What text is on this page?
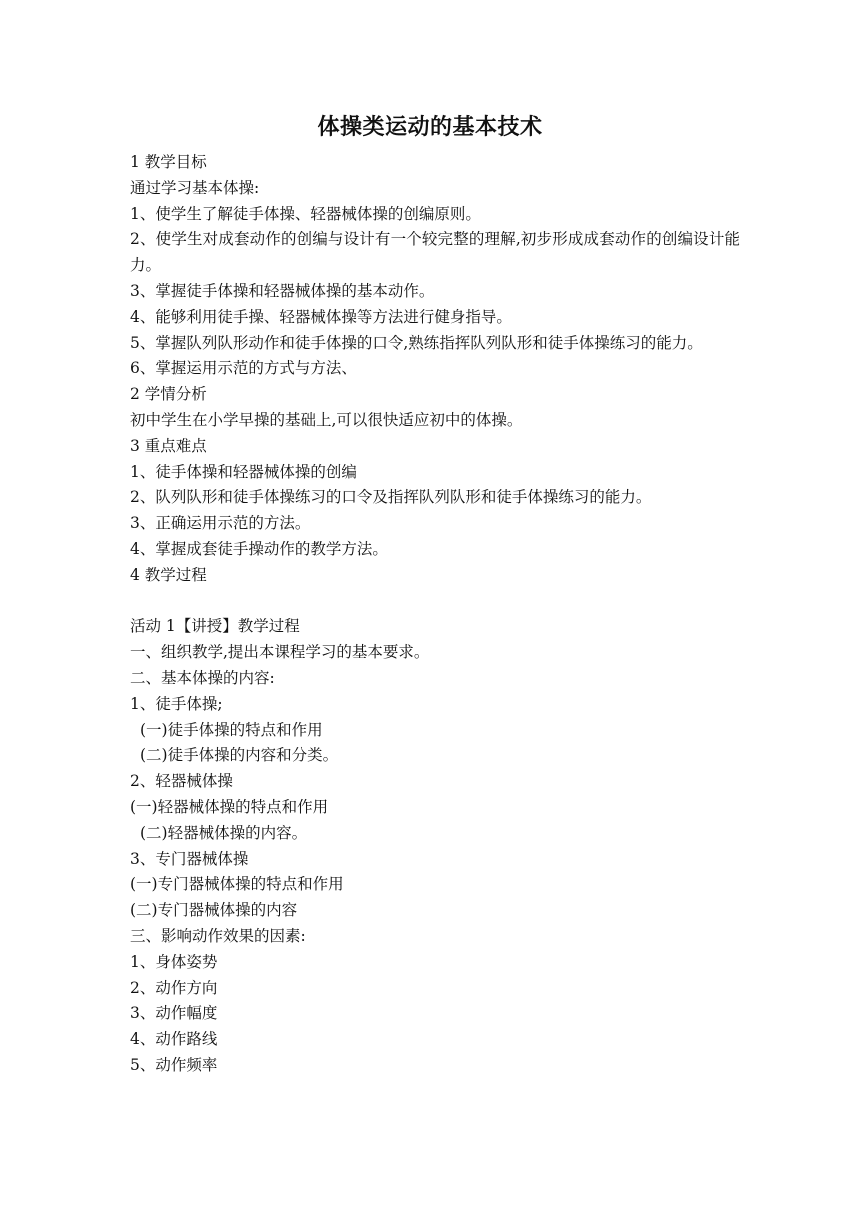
体操类运动的基本技术
1 教学目标
通过学习基本体操:
1、使学生了解徒手体操、轻器械体操的创编原则。
2、使学生对成套动作的创编与设计有一个较完整的理解,初步形成成套动作的创编设计能力。
3、掌握徒手体操和轻器械体操的基本动作。
4、能够利用徒手操、轻器械体操等方法进行健身指导。
5、掌握队列队形动作和徒手体操的口令,熟练指挥队列队形和徒手体操练习的能力。
6、掌握运用示范的方式与方法、
2 学情分析
初中学生在小学早操的基础上,可以很快适应初中的体操。
3 重点难点
1、徒手体操和轻器械体操的创编
2、队列队形和徒手体操练习的口令及指挥队列队形和徒手体操练习的能力。
3、正确运用示范的方法。
4、掌握成套徒手操动作的教学方法。
4 教学过程
活动 1【讲授】教学过程
一、组织教学,提出本课程学习的基本要求。
二、基本体操的内容:
1、徒手体操;
(一)徒手体操的特点和作用
(二)徒手体操的内容和分类。
2、轻器械体操
(一)轻器械体操的特点和作用
(二)轻器械体操的内容。
3、专门器械体操
(一)专门器械体操的特点和作用
(二)专门器械体操的内容
三、影响动作效果的因素:
1、身体姿势
2、动作方向
3、动作幅度
4、动作路线
5、动作频率
